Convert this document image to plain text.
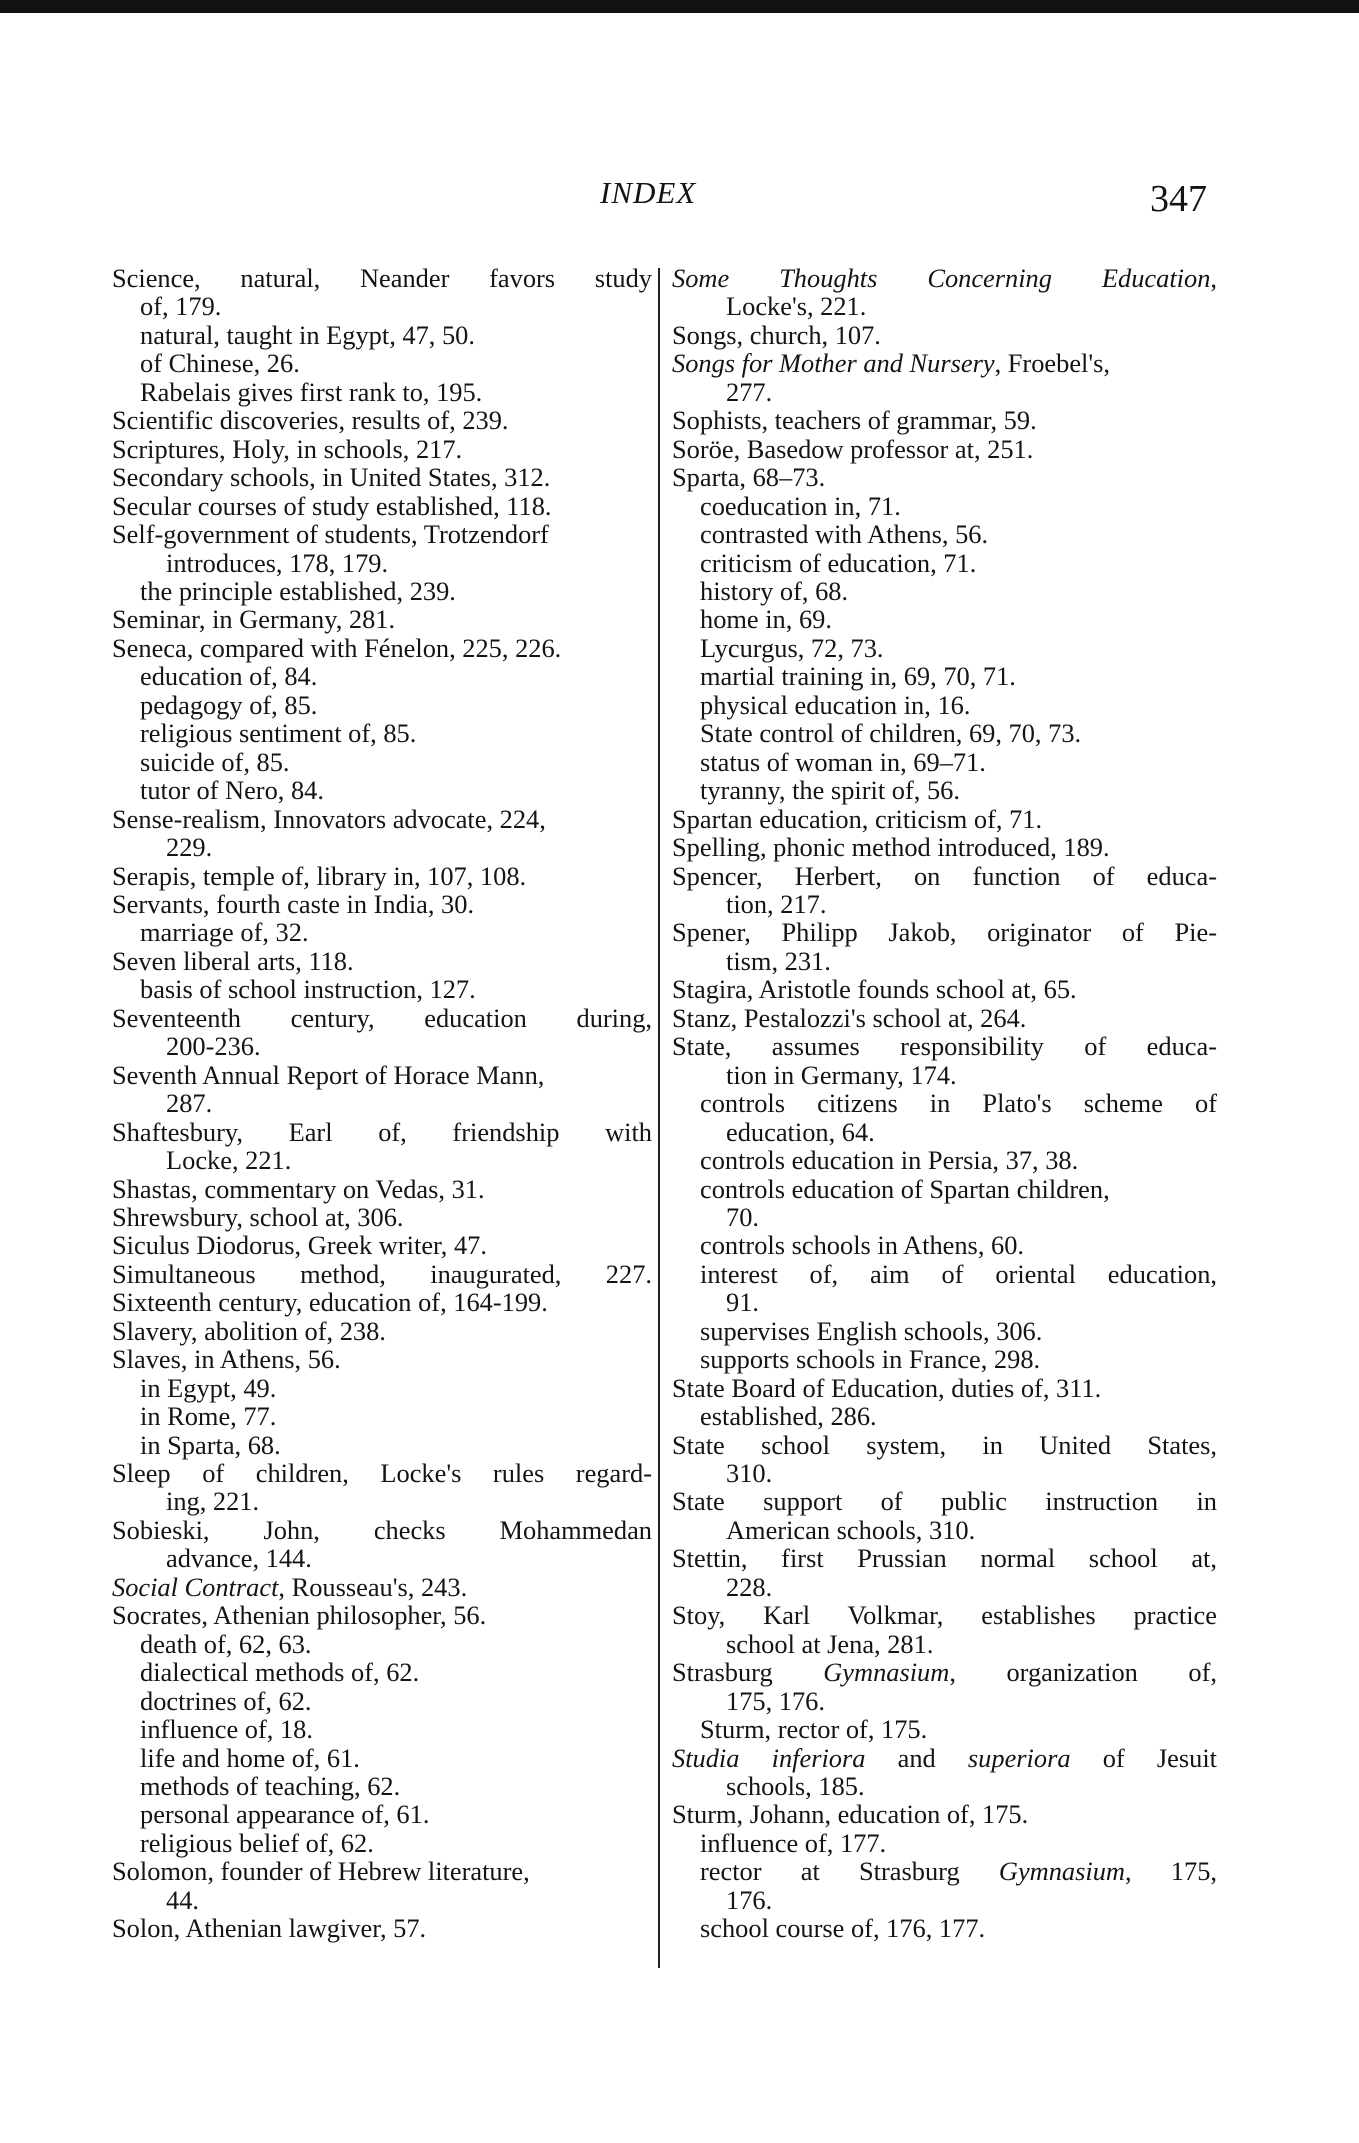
INDEX	347
Science, natural, Neander favors study
of, 179.
natural, taught in Egypt, 47, 50.
of Chinese, 26.
Rabelais gives first rank to, 195.
Scientific discoveries, results of, 239.
Scriptures, Holy, in schools, 217.
Secondary schools, in United States, 312.
Secular courses of study established, 118.
Self-government of students, Trotzendorf
introduces, 178, 179.
the principle established, 239.
Seminar, in Germany, 281.
Seneca, compared with Fénelon, 225, 226.
education of, 84.
pedagogy of, 85.
religious sentiment of, 85.
suicide of, 85.
tutor of Nero, 84.
Sense-realism, Innovators advocate, 224,
229.
Serapis, temple of, library in, 107, 108.
Servants, fourth caste in India, 30.
marriage of, 32.
Seven liberal arts, 118.
basis of school instruction, 127.
Seventeenth century, education during,
200-236.
Seventh Annual Report of Horace Mann,
287.
Shaftesbury, Earl of, friendship with
Locke, 221.
Shastas, commentary on Vedas, 31.
Shrewsbury, school at, 306.
Siculus Diodorus, Greek writer, 47.
Simultaneous method, inaugurated, 227.
Sixteenth century, education of, 164-199.
Slavery, abolition of, 238.
Slaves, in Athens, 56.
in Egypt, 49.
in Rome, 77.
in Sparta, 68.
Sleep of children, Locke's rules regard-
ing, 221.
Sobieski, John, checks Mohammedan
advance, 144.
Social Contract, Rousseau's, 243.
Socrates, Athenian philosopher, 56.
death of, 62, 63.
dialectical methods of, 62.
doctrines of, 62.
influence of, 18.
life and home of, 61.
methods of teaching, 62.
personal appearance of, 61.
religious belief of, 62.
Solomon, founder of Hebrew literature,
44.
Solon, Athenian lawgiver, 57.
Some Thoughts Concerning Education,
Locke's, 221.
Songs, church, 107.
Songs for Mother and Nursery, Froebel's,
277.
Sophists, teachers of grammar, 59.
Soröe, Basedow professor at, 251.
Sparta, 68–73.
coeducation in, 71.
contrasted with Athens, 56.
criticism of education, 71.
history of, 68.
home in, 69.
Lycurgus, 72, 73.
martial training in, 69, 70, 71.
physical education in, 16.
State control of children, 69, 70, 73.
status of woman in, 69–71.
tyranny, the spirit of, 56.
Spartan education, criticism of, 71.
Spelling, phonic method introduced, 189.
Spencer, Herbert, on function of educa-
tion, 217.
Spener, Philipp Jakob, originator of Pie-
tism, 231.
Stagira, Aristotle founds school at, 65.
Stanz, Pestalozzi's school at, 264.
State, assumes responsibility of educa-
tion in Germany, 174.
controls citizens in Plato's scheme of
education, 64.
controls education in Persia, 37, 38.
controls education of Spartan children,
70.
controls schools in Athens, 60.
interest of, aim of oriental education,
91.
supervises English schools, 306.
supports schools in France, 298.
State Board of Education, duties of, 311.
established, 286.
State school system, in United States,
310.
State support of public instruction in
American schools, 310.
Stettin, first Prussian normal school at,
228.
Stoy, Karl Volkmar, establishes practice
school at Jena, 281.
Strasburg Gymnasium, organization of,
175, 176.
Sturm, rector of, 175.
Studia inferiora and superiora of Jesuit
schools, 185.
Sturm, Johann, education of, 175.
influence of, 177.
rector at Strasburg Gymnasium, 175,
176.
school course of, 176, 177.
